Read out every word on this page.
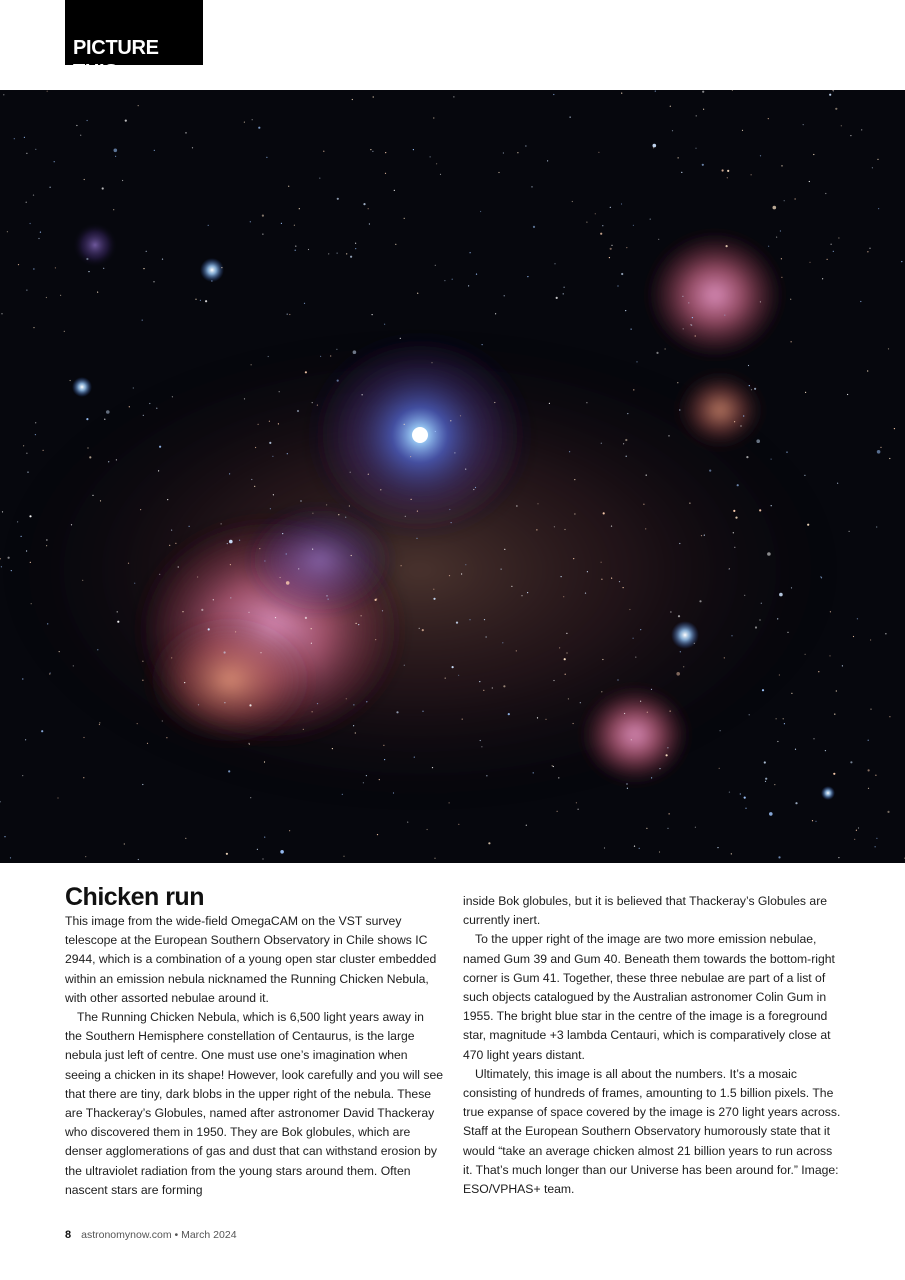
PICTURE THIS
Chicken run

This image from the wide-field OmegaCAM on the VST survey telescope at the European Southern Observatory in Chile shows IC 2944, which is a combination of a young open star cluster embedded within an emission nebula nicknamed the Running Chicken Nebula, with other assorted nebulae around it.

The Running Chicken Nebula, which is 6,500 light years away in the Southern Hemisphere constellation of Centaurus, is the large nebula just left of centre. One must use one’s imagination when seeing a chicken in its shape! However, look carefully and you will see that there are tiny, dark blobs in the upper right of the nebula. These are Thackeray’s Globules, named after astronomer David Thackeray who discovered them in 1950. They are Bok globules, which are denser agglomerations of gas and dust that can withstand erosion by the ultraviolet radiation from the young stars around them. Often nascent stars are forming

inside Bok globules, but it is believed that Thackeray’s Globules are currently inert.

To the upper right of the image are two more emission nebulae, named Gum 39 and Gum 40. Beneath them towards the bottom-right corner is Gum 41. Together, these three nebulae are part of a list of such objects catalogued by the Australian astronomer Colin Gum in 1955. The bright blue star in the centre of the image is a foreground star, magnitude +3 lambda Centauri, which is comparatively close at 470 light years distant.

Ultimately, this image is all about the numbers. It’s a mosaic consisting of hundreds of frames, amounting to 1.5 billion pixels. The true expanse of space covered by the image is 270 light years across. Staff at the European Southern Observatory humorously state that it would “take an average chicken almost 21 billion years to run across it. That’s much longer than our Universe has been around for.” Image: ESO/VPHAS+ team.

8 astronomynow.com • March 2024
